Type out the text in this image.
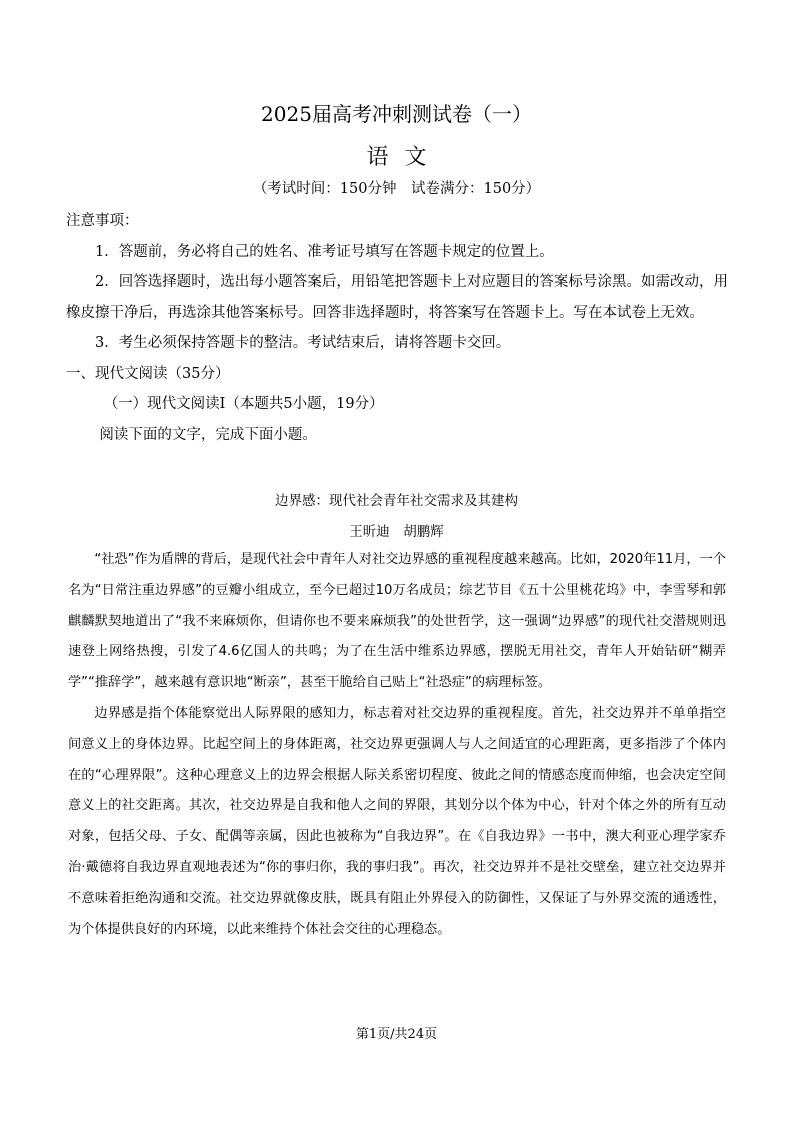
2025届高考冲刺测试卷（一）
语文
（考试时间：150分钟　试卷满分：150分）

注意事项：

1．答题前，务必将自己的姓名、准考证号填写在答题卡规定的位置上。

2．回答选择题时，选出每小题答案后，用铅笔把答题卡上对应题目的答案标号涂黑。如需改动，用橡皮擦干净后，再选涂其他答案标号。回答非选择题时，将答案写在答题卡上。写在本试卷上无效。

3．考生必须保持答题卡的整洁。考试结束后，请将答题卡交回。

一、现代文阅读（35分）

（一）现代文阅读Ⅰ（本题共5小题，19分）

阅读下面的文字，完成下面小题。

边界感：现代社会青年社交需求及其建构
王昕迪　胡鹏辉

“社恐”作为盾牌的背后，是现代社会中青年人对社交边界感的重视程度越来越高。比如，2020年11月，一个名为“日常注重边界感”的豆瓣小组成立，至今已超过10万名成员；综艺节目《五十公里桃花坞》中，李雪琴和郭麒麟默契地道出了“我不来麻烦你，但请你也不要来麻烦我”的处世哲学，这一强调“边界感”的现代社交潜规则迅速登上网络热搜，引发了4.6亿国人的共鸣；为了在生活中维系边界感，摆脱无用社交，青年人开始钻研“糊弄学”“推辞学”，越来越有意识地“断亲”，甚至干脆给自己贴上“社恐症”的病理标签。

边界感是指个体能察觉出人际界限的感知力，标志着对社交边界的重视程度。首先，社交边界并不单单指空间意义上的身体边界。比起空间上的身体距离，社交边界更强调人与人之间适宜的心理距离，更多指涉了个体内在的“心理界限”。这种心理意义上的边界会根据人际关系密切程度、彼此之间的情感态度而伸缩，也会决定空间意义上的社交距离。其次，社交边界是自我和他人之间的界限，其划分以个体为中心，针对个体之外的所有互动对象，包括父母、子女、配偶等亲属，因此也被称为“自我边界”。在《自我边界》一书中，澳大利亚心理学家乔治·戴德将自我边界直观地表述为“你的事归你，我的事归我”。再次，社交边界并不是社交壁垒，建立社交边界并不意味着拒绝沟通和交流。社交边界就像皮肤，既具有阻止外界侵入的防御性，又保证了与外界交流的通透性，为个体提供良好的内环境，以此来维持个体社会交往的心理稳态。

第1页/共24页
